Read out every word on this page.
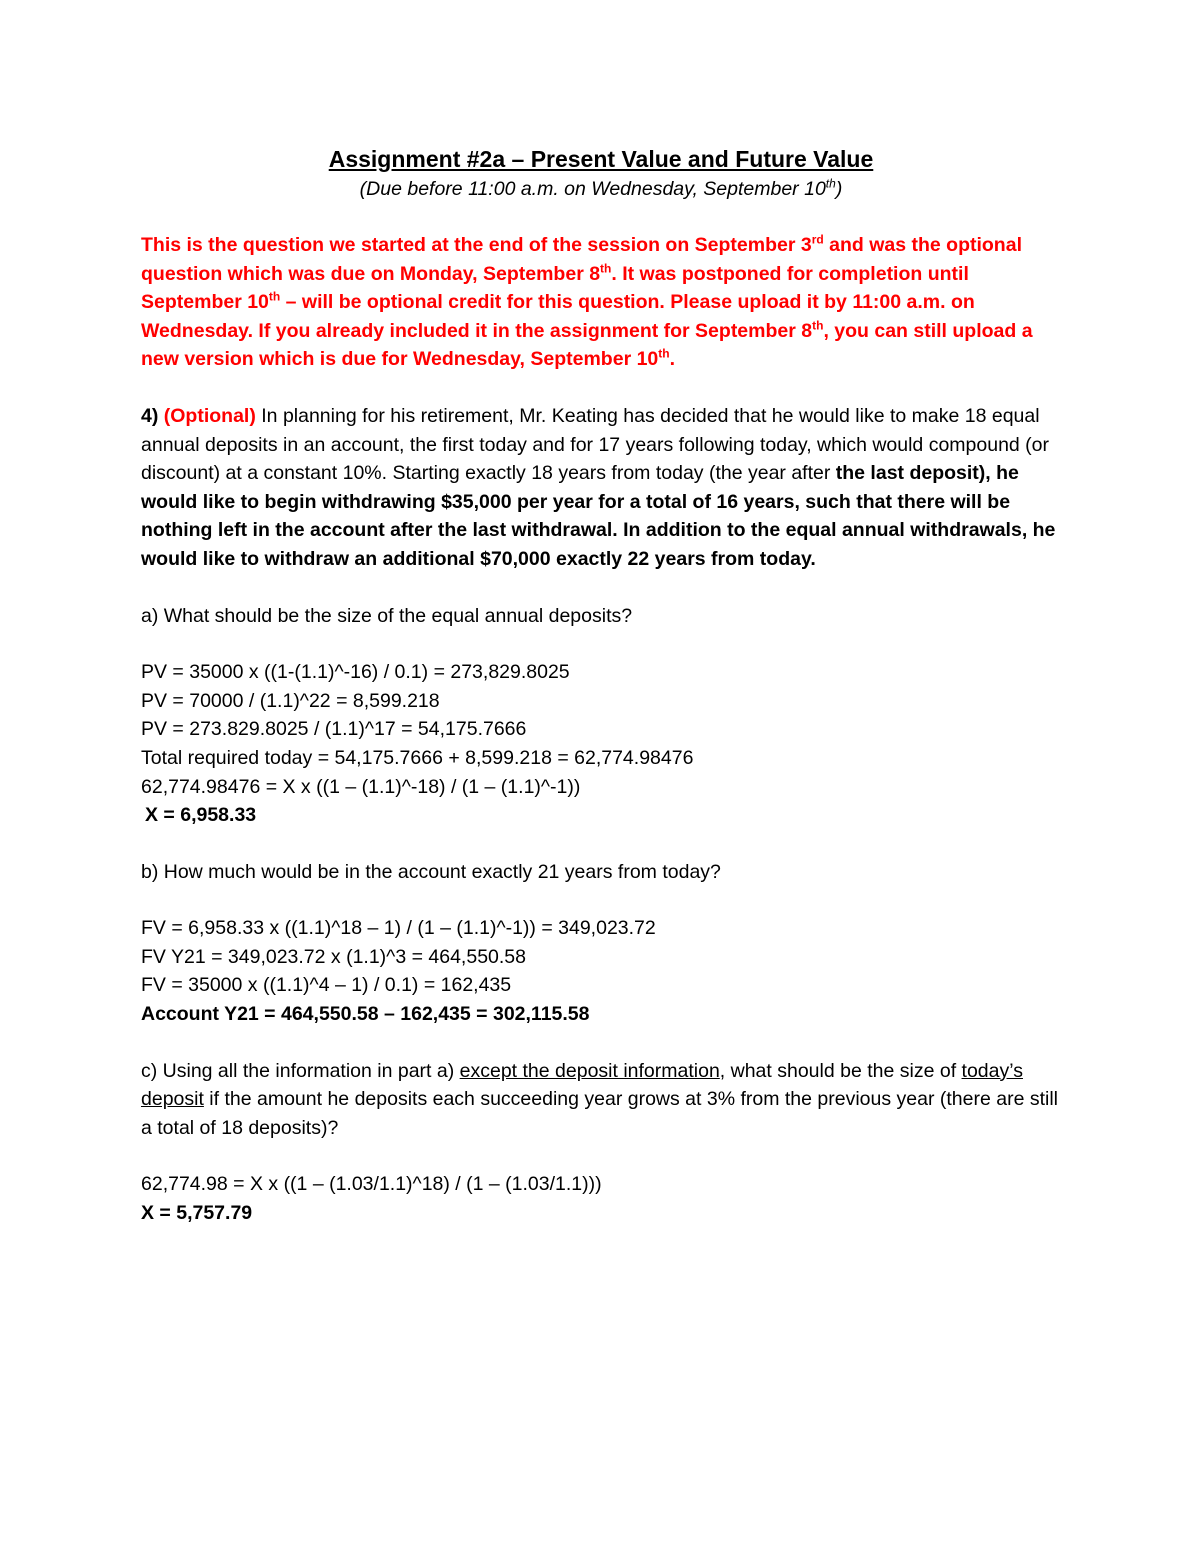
Assignment #2a – Present Value and Future Value
(Due before 11:00 a.m. on Wednesday, September 10th)
This is the question we started at the end of the session on September 3rd and was the optional question which was due on Monday, September 8th. It was postponed for completion until September 10th – will be optional credit for this question. Please upload it by 11:00 a.m. on Wednesday. If you already included it in the assignment for September 8th, you can still upload a new version which is due for Wednesday, September 10th.
4) (Optional) In planning for his retirement, Mr. Keating has decided that he would like to make 18 equal annual deposits in an account, the first today and for 17 years following today, which would compound (or discount) at a constant 10%. Starting exactly 18 years from today (the year after the last deposit), he would like to begin withdrawing $35,000 per year for a total of 16 years, such that there will be nothing left in the account after the last withdrawal. In addition to the equal annual withdrawals, he would like to withdraw an additional $70,000 exactly 22 years from today.
a) What should be the size of the equal annual deposits?
PV = 35000 x ((1-(1.1)^-16) / 0.1) = 273,829.8025
PV = 70000 / (1.1)^22 = 8,599.218
PV = 273.829.8025 / (1.1)^17 = 54,175.7666
Total required today = 54,175.7666 + 8,599.218 = 62,774.98476
62,774.98476 = X x ((1 – (1.1)^-18) / (1 – (1.1)^-1))
X = 6,958.33
b) How much would be in the account exactly 21 years from today?
FV = 6,958.33 x ((1.1)^18 – 1) / (1 – (1.1)^-1)) = 349,023.72
FV Y21 = 349,023.72 x (1.1)^3 = 464,550.58
FV = 35000 x ((1.1)^4 – 1) / 0.1) = 162,435
Account Y21 = 464,550.58 – 162,435 = 302,115.58
c) Using all the information in part a) except the deposit information, what should be the size of today’s deposit if the amount he deposits each succeeding year grows at 3% from the previous year (there are still a total of 18 deposits)?
62,774.98 = X x ((1 – (1.03/1.1)^18) / (1 – (1.03/1.1)))
X = 5,757.79
